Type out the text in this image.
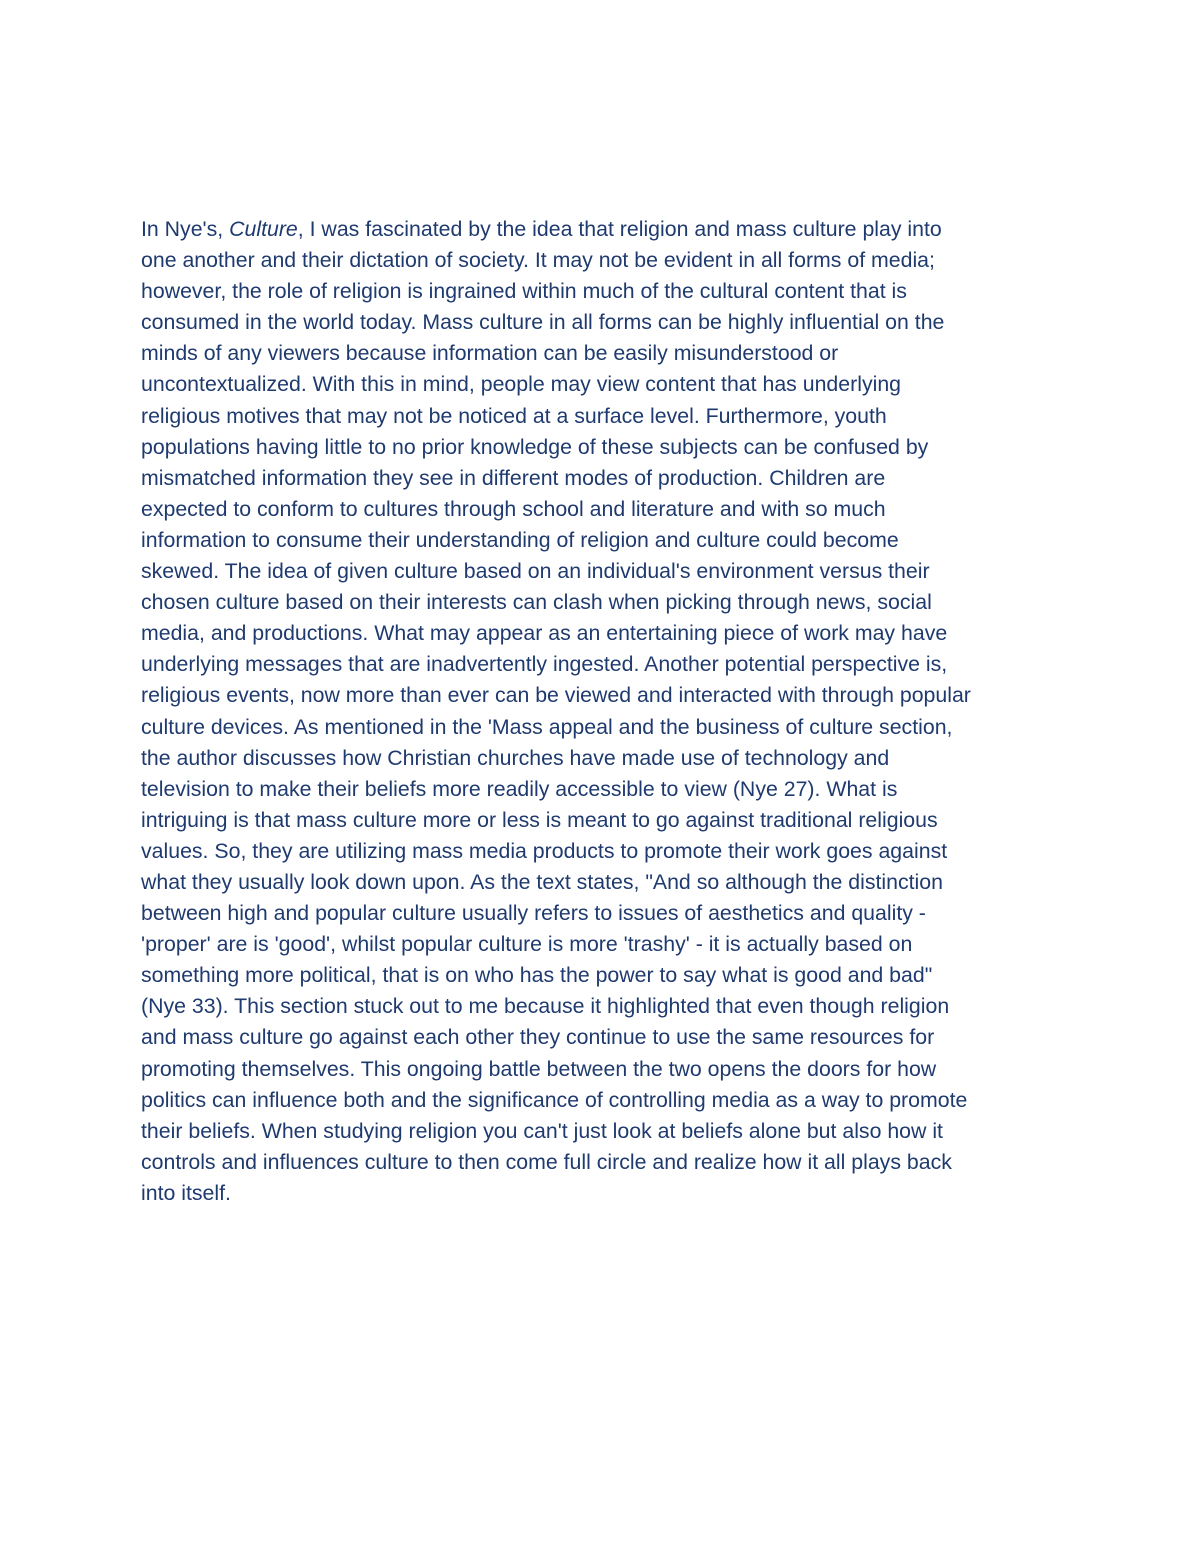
In Nye's, Culture, I was fascinated by the idea that religion and mass culture play into
one another and their dictation of society. It may not be evident in all forms of media;
however, the role of religion is ingrained within much of the cultural content that is
consumed in the world today. Mass culture in all forms can be highly influential on the
minds of any viewers because information can be easily misunderstood or
uncontextualized. With this in mind, people may view content that has underlying
religious motives that may not be noticed at a surface level. Furthermore, youth
populations having little to no prior knowledge of these subjects can be confused by
mismatched information they see in different modes of production. Children are
expected to conform to cultures through school and literature and with so much
information to consume their understanding of religion and culture could become
skewed. The idea of given culture based on an individual's environment versus their
chosen culture based on their interests can clash when picking through news, social
media, and productions. What may appear as an entertaining piece of work may have
underlying messages that are inadvertently ingested. Another potential perspective is,
religious events, now more than ever can be viewed and interacted with through popular
culture devices. As mentioned in the 'Mass appeal and the business of culture section,
the author discusses how Christian churches have made use of technology and
television to make their beliefs more readily accessible to view (Nye 27). What is
intriguing is that mass culture more or less is meant to go against traditional religious
values. So, they are utilizing mass media products to promote their work goes against
what they usually look down upon. As the text states, "And so although the distinction
between high and popular culture usually refers to issues of aesthetics and quality -
'proper' are is 'good', whilst popular culture is more 'trashy' - it is actually based on
something more political, that is on who has the power to say what is good and bad"
(Nye 33). This section stuck out to me because it highlighted that even though religion
and mass culture go against each other they continue to use the same resources for
promoting themselves. This ongoing battle between the two opens the doors for how
politics can influence both and the significance of controlling media as a way to promote
their beliefs. When studying religion you can't just look at beliefs alone but also how it
controls and influences culture to then come full circle and realize how it all plays back
into itself.
